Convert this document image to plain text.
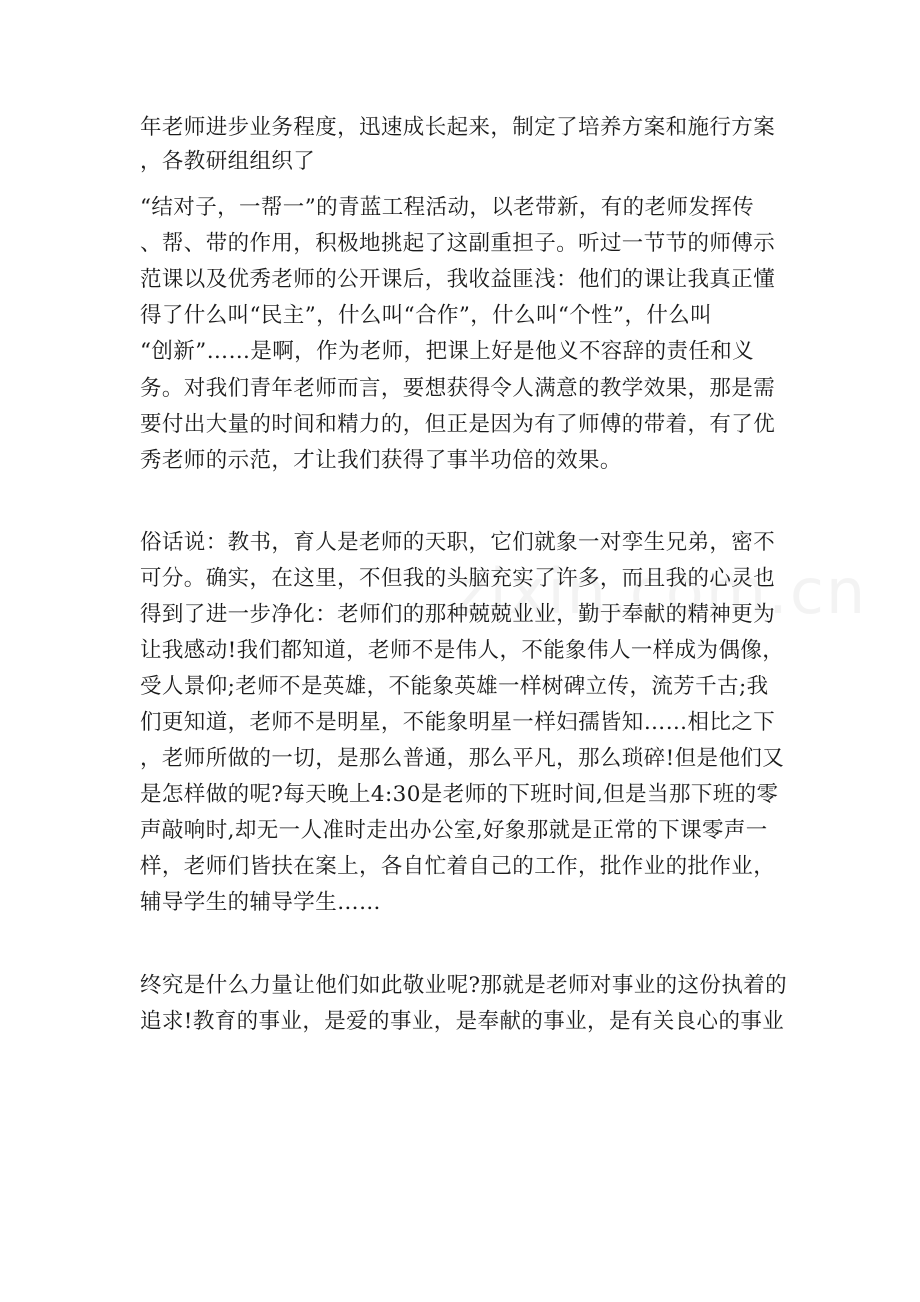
年老师进步业务程度，迅速成长起来，制定了培养方案和施行方案
，各教研组组织了
“结对子，一帮一”的青蓝工程活动，以老带新，有的老师发挥传
、帮、带的作用，积极地挑起了这副重担子。听过一节节的师傅示
范课以及优秀老师的公开课后，我收益匪浅：他们的课让我真正懂
得了什么叫“民主”，什么叫“合作”，什么叫“个性”，什么叫
“创新”……是啊，作为老师，把课上好是他义不容辞的责任和义
务。对我们青年老师而言，要想获得令人满意的教学效果，那是需
要付出大量的时间和精力的，但正是因为有了师傅的带着，有了优
秀老师的示范，才让我们获得了事半功倍的效果。
俗话说：教书，育人是老师的天职，它们就象一对孪生兄弟，密不
可分。确实，在这里，不但我的头脑充实了许多，而且我的心灵也
得到了进一步净化：老师们的那种兢兢业业，勤于奉献的精神更为
让我感动!我们都知道，老师不是伟人，不能象伟人一样成为偶像，
受人景仰;老师不是英雄，不能象英雄一样树碑立传，流芳千古;我
们更知道，老师不是明星，不能象明星一样妇孺皆知……相比之下
，老师所做的一切，是那么普通，那么平凡，那么琐碎!但是他们又
是怎样做的呢?每天晚上4:30是老师的下班时间,但是当那下班的零
声敲响时,却无一人准时走出办公室,好象那就是正常的下课零声一
样，老师们皆扶在案上，各自忙着自己的工作，批作业的批作业，
辅导学生的辅导学生……
终究是什么力量让他们如此敬业呢?那就是老师对事业的这份执着的
追求!教育的事业，是爱的事业，是奉献的事业，是有关良心的事业
